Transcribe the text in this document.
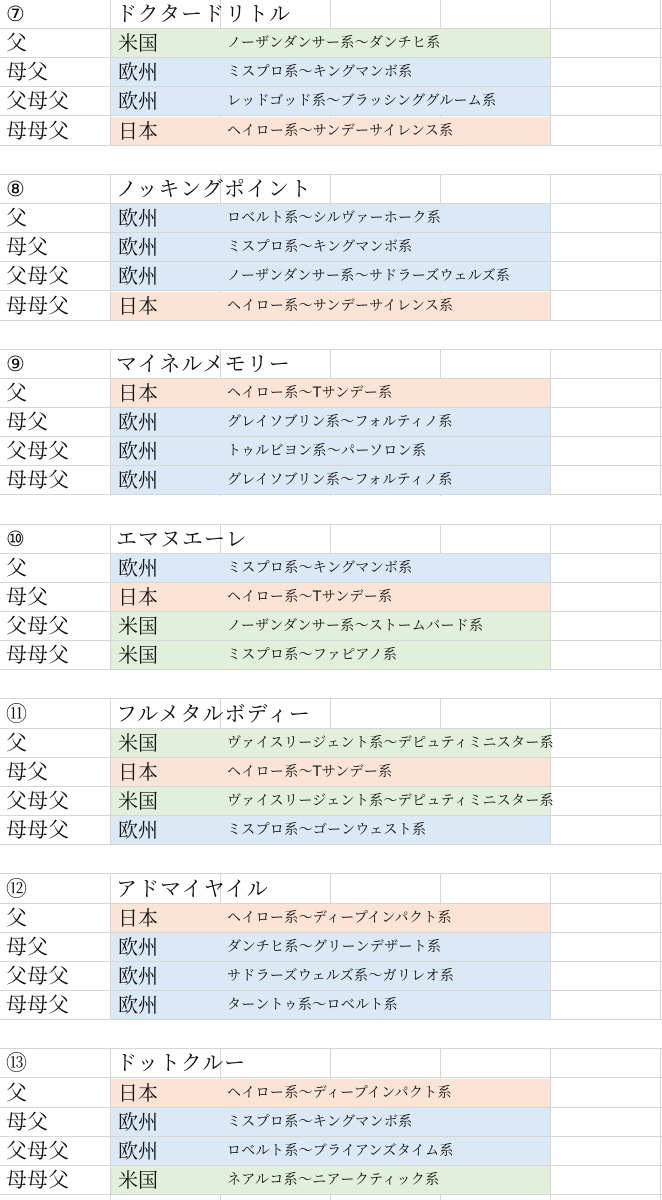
⑦	ドクタードリトル
父	米国	ノーザンダンサー系～ダンチヒ系
母父	欧州	ミスプロ系～キングマンボ系
父母父	欧州	レッドゴッド系～ブラッシンググルーム系
母母父	日本	ヘイロー系～サンデーサイレンス系
⑧	ノッキングポイント
父	欧州	ロベルト系～シルヴァーホーク系
母父	欧州	ミスプロ系～キングマンボ系
父母父	欧州	ノーザンダンサー系～サドラーズウェルズ系
母母父	日本	ヘイロー系～サンデーサイレンス系
⑨	マイネルメモリー
父	日本	ヘイロー系～Tサンデー系
母父	欧州	グレイソブリン系～フォルティノ系
父母父	欧州	トゥルビヨン系～パーソロン系
母母父	欧州	グレイソブリン系～フォルティノ系
⑩	エマヌエーレ
父	欧州	ミスプロ系～キングマンボ系
母父	日本	ヘイロー系～Tサンデー系
父母父	米国	ノーザンダンサー系～ストームバード系
母母父	米国	ミスプロ系～ファピアノ系
⑪	フルメタルボディー
父	米国	ヴァイスリージェント系～デピュティミニスター系
母父	日本	ヘイロー系～Tサンデー系
父母父	米国	ヴァイスリージェント系～デピュティミニスター系
母母父	欧州	ミスプロ系～ゴーンウェスト系
⑫	アドマイヤイル
父	日本	ヘイロー系～ディープインパクト系
母父	欧州	ダンチヒ系～グリーンデザート系
父母父	欧州	サドラーズウェルズ系～ガリレオ系
母母父	欧州	ターントゥ系～ロベルト系
⑬	ドットクルー
父	日本	ヘイロー系～ディープインパクト系
母父	欧州	ミスプロ系～キングマンボ系
父母父	欧州	ロベルト系～ブライアンズタイム系
母母父	米国	ネアルコ系～ニアークティック系
